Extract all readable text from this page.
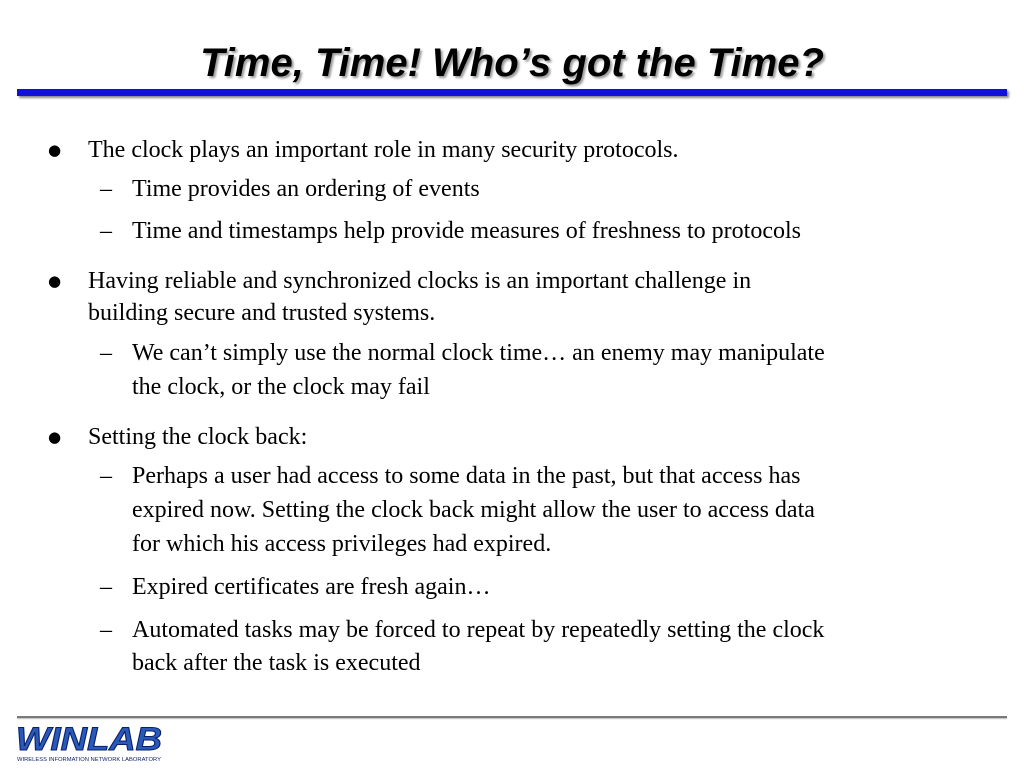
Time, Time! Who’s got the Time?
● The clock plays an important role in many security protocols.
– Time provides an ordering of events
– Time and timestamps help provide measures of freshness to protocols
● Having reliable and synchronized clocks is an important challenge in
building secure and trusted systems.
– We can’t simply use the normal clock time… an enemy may manipulate
the clock, or the clock may fail
● Setting the clock back:
– Perhaps a user had access to some data in the past, but that access has
expired now. Setting the clock back might allow the user to access data
for which his access privileges had expired.
– Expired certificates are fresh again…
– Automated tasks may be forced to repeat by repeatedly setting the clock
back after the task is executed
WINLAB
WIRELESS INFORMATION NETWORK LABORATORY
